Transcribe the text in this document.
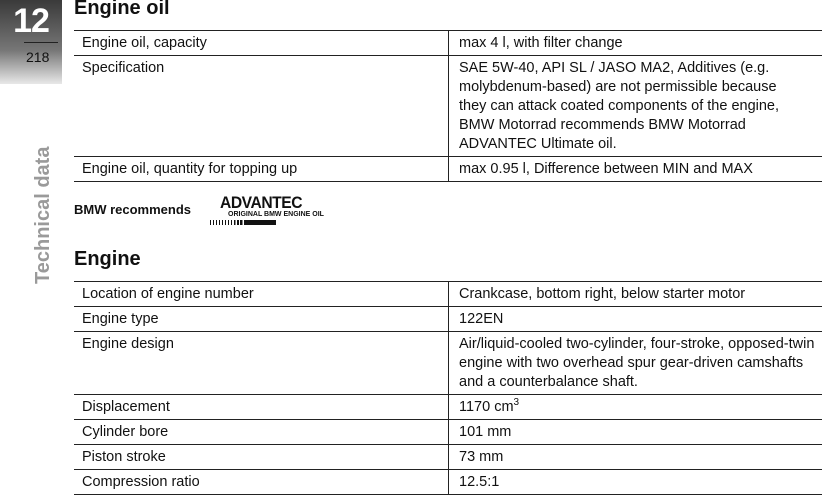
12
218
Technical data
Engine oil
Engine oil, capacity	max 4 l, with filter change
Specification	SAE 5W-40, API SL / JASO MA2, Additives (e.g. molybdenum-based) are not permissible because they can attack coated components of the engine, BMW Motorrad recommends BMW Motorrad ADVANTEC Ultimate oil.
Engine oil, quantity for topping up	max 0.95 l, Difference between MIN and MAX
BMW recommends ADVANTEC
ORIGINAL BMW ENGINE OIL
Engine
Location of engine number	Crankcase, bottom right, below starter motor
Engine type	122EN
Engine design	Air/liquid-cooled two-cylinder, four-stroke, opposed-twin engine with two overhead spur gear-driven camshafts and a counterbalance shaft.
Displacement	1170 $cm^3$
Cylinder bore	101 mm
Piston stroke	73 mm
Compression ratio	12.5:1
